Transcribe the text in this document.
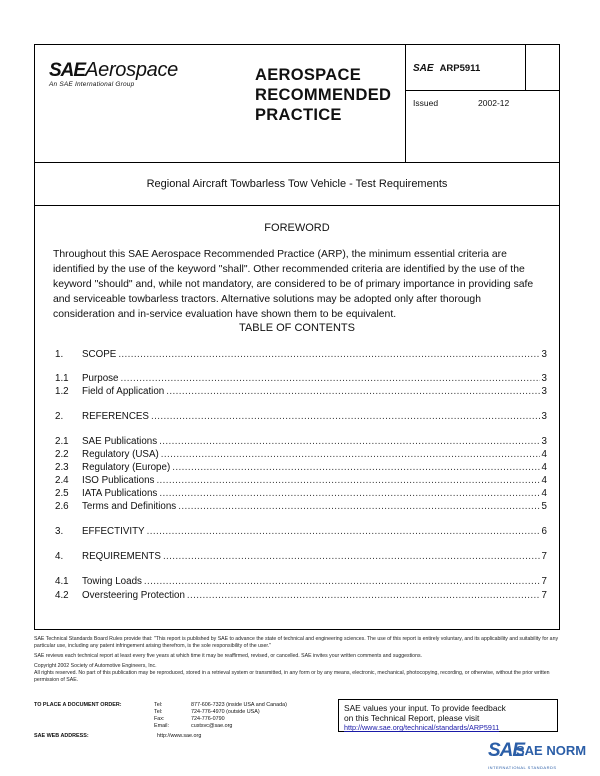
SAEAerospace
An SAE International Group
AEROSPACE
RECOMMENDED
PRACTICE
SAE ARP5911
Issued	2002-12
Regional Aircraft Towbarless Tow Vehicle - Test Requirements
FOREWORD
Throughout this SAE Aerospace Recommended Practice (ARP), the minimum essential criteria are identified by the use of the keyword "shall". Other recommended criteria are identified by the use of the keyword "should" and, while not mandatory, are considered to be of primary importance in providing safe and serviceable towbarless tractors. Alternative solutions may be adopted only after thorough consideration and in-service evaluation have shown them to be equivalent.
TABLE OF CONTENTS
1.	SCOPE .....	3
1.1	Purpose .....	3
1.2	Field of Application .....	3
2.	REFERENCES .....	3
2.1	SAE Publications .....	3
2.2	Regulatory (USA) .....	4
2.3	Regulatory (Europe) .....	4
2.4	ISO Publications .....	4
2.5	IATA Publications .....	4
2.6	Terms and Definitions .....	5
3.	EFFECTIVITY .....	6
4.	REQUIREMENTS .....	7
4.1	Towing Loads .....	7
4.2	Oversteering Protection .....	7

SAE Technical Standards Board Rules provide that: "This report is published by SAE to advance the state of technical and engineering sciences. The use of this report is entirely voluntary, and its applicability and suitability for any particular use, including any patent infringement arising therefrom, is the sole responsibility of the user."

SAE reviews each technical report at least every five years at which time it may be reaffirmed, revised, or cancelled. SAE invites your written comments and suggestions.

Copyright 2002 Society of Automotive Engineers, Inc.

All rights reserved. No part of this publication may be reproduced, stored in a retrieval system or transmitted, in any form or by any means, electronic, mechanical, photocopying, recording, or otherwise, without the prior written permission of SAE.

TO PLACE A DOCUMENT ORDER:	Tel:	877-606-7323 (inside USA and Canada)
Tel:	724-776-4970 (outside USA)
Fax:	724-776-0790
Email:	custsvc@sae.org
SAE WEB ADDRESS:	http://www.sae.org
SAE values your input. To provide feedback
on this Technical Report, please visit
http://www.sae.org/technical/standards/ARP5911
SAE
SAE NORM
INTERNATIONAL STANDARDS
